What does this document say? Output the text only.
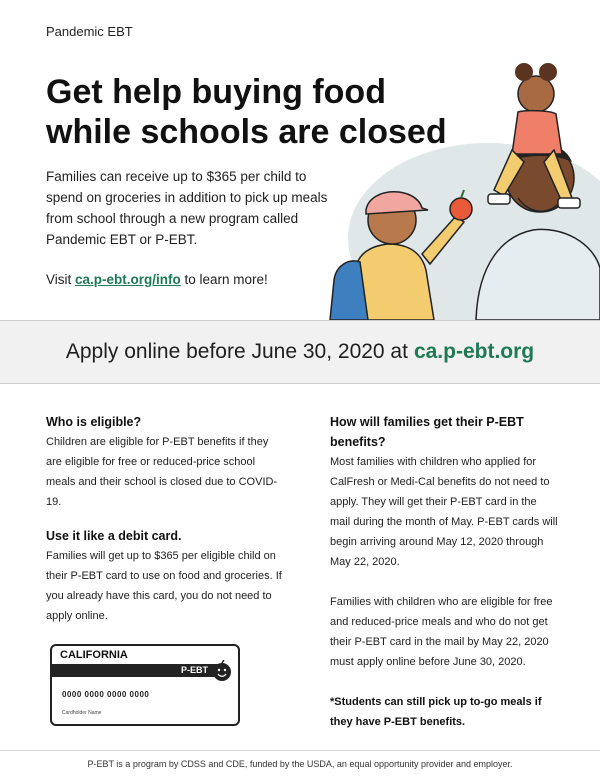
Pandemic EBT
Get help buying food
while schools are closed

Families can receive up to $365 per child to spend on groceries in addition to pick up meals from school through a new program called Pandemic EBT or P-EBT.

Visit ca.p-ebt.org/info to learn more!

Apply online before June 30, 2020 at ca.p-ebt.org
Who is eligible?

Children are eligible for P-EBT benefits if they are eligible for free or reduced-price school meals and their school is closed due to COVID-19.

Use it like a debit card.

Families will get up to $365 per eligible child on their P-EBT card to use on food and groceries. If you already have this card, you do not need to apply online.

CALIFORNIA
P-EBT
0000 0000 0000 0000
Cardholder Name
How will families get their P-EBT benefits?

Most families with children who applied for CalFresh or Medi-Cal benefits do not need to apply. They will get their P-EBT card in the mail during the month of May. P-EBT cards will begin arriving around May 12, 2020 through May 22, 2020.

Families with children who are eligible for free and reduced-price meals and who do not get their P-EBT card in the mail by May 22, 2020 must apply online before June 30, 2020.

*Students can still pick up to-go meals if they have P-EBT benefits.

P-EBT is a program by CDSS and CDE, funded by the USDA, an equal opportunity provider and employer.
